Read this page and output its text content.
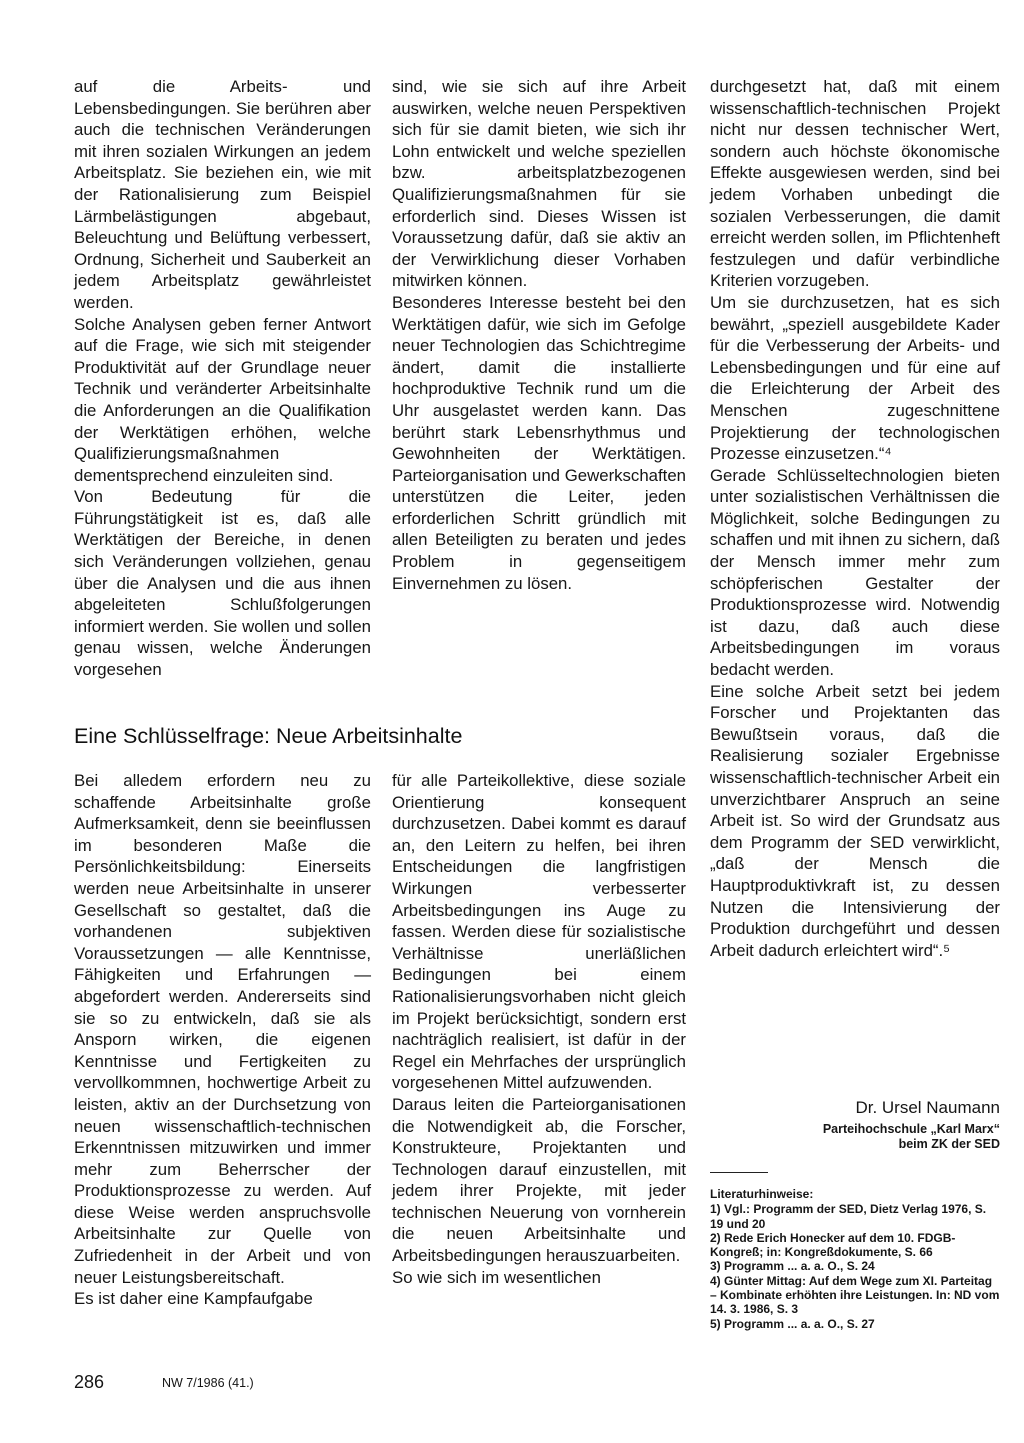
auf die Arbeits- und Lebensbedingungen. Sie berühren aber auch die technischen Veränderungen mit ihren sozialen Wirkungen an jedem Arbeitsplatz. Sie beziehen ein, wie mit der Rationalisierung zum Beispiel Lärmbelästigungen abgebaut, Beleuchtung und Belüftung verbessert, Ordnung, Sicherheit und Sauberkeit an jedem Arbeitsplatz gewährleistet werden.

Solche Analysen geben ferner Antwort auf die Frage, wie sich mit steigender Produktivität auf der Grundlage neuer Technik und veränderter Arbeitsinhalte die Anforderungen an die Qualifikation der Werktätigen erhöhen, welche Qualifizierungsmaßnahmen dementsprechend einzuleiten sind.

Von Bedeutung für die Führungstätigkeit ist es, daß alle Werktätigen der Bereiche, in denen sich Veränderungen vollziehen, genau über die Analysen und die aus ihnen abgeleiteten Schlußfolgerungen informiert werden. Sie wollen und sollen genau wissen, welche Änderungen vorgesehen

sind, wie sie sich auf ihre Arbeit auswirken, welche neuen Perspektiven sich für sie damit bieten, wie sich ihr Lohn entwickelt und welche speziellen bzw. arbeitsplatzbezogenen Qualifizierungsmaßnahmen für sie erforderlich sind. Dieses Wissen ist Voraussetzung dafür, daß sie aktiv an der Verwirklichung dieser Vorhaben mitwirken können.

Besonderes Interesse besteht bei den Werktätigen dafür, wie sich im Gefolge neuer Technologien das Schichtregime ändert, damit die installierte hochproduktive Technik rund um die Uhr ausgelastet werden kann. Das berührt stark Lebensrhythmus und Gewohnheiten der Werktätigen. Parteiorganisation und Gewerkschaften unterstützen die Leiter, jeden erforderlichen Schritt gründlich mit allen Beteiligten zu beraten und jedes Problem in gegenseitigem Einvernehmen zu lösen.

Eine Schlüsselfrage: Neue Arbeitsinhalte

Bei alledem erfordern neu zu schaffende Arbeitsinhalte große Aufmerksamkeit, denn sie beeinflussen im besonderen Maße die Persönlichkeitsbildung: Einerseits werden neue Arbeitsinhalte in unserer Gesellschaft so gestaltet, daß die vorhandenen subjektiven Voraussetzungen — alle Kenntnisse, Fähigkeiten und Erfahrungen — abgefordert werden. Andererseits sind sie so zu entwickeln, daß sie als Ansporn wirken, die eigenen Kenntnisse und Fertigkeiten zu vervollkommnen, hochwertige Arbeit zu leisten, aktiv an der Durchsetzung von neuen wissenschaftlich-technischen Erkenntnissen mitzuwirken und immer mehr zum Beherrscher der Produktionsprozesse zu werden. Auf diese Weise werden anspruchsvolle Arbeitsinhalte zur Quelle von Zufriedenheit in der Arbeit und von neuer Leistungsbereitschaft.

Es ist daher eine Kampfaufgabe

für alle Parteikollektive, diese soziale Orientierung konsequent durchzusetzen. Dabei kommt es darauf an, den Leitern zu helfen, bei ihren Entscheidungen die langfristigen Wirkungen verbesserter Arbeitsbedingungen ins Auge zu fassen. Werden diese für sozialistische Verhältnisse unerläßlichen Bedingungen bei einem Rationalisierungsvorhaben nicht gleich im Projekt berücksichtigt, sondern erst nachträglich realisiert, ist dafür in der Regel ein Mehrfaches der ursprünglich vorgesehenen Mittel aufzuwenden.

Daraus leiten die Parteiorganisationen die Notwendigkeit ab, die Forscher, Konstrukteure, Projektanten und Technologen darauf einzustellen, mit jedem ihrer Projekte, mit jeder technischen Neuerung von vornherein die neuen Arbeitsinhalte und Arbeitsbedingungen herauszuarbeiten.

So wie sich im wesentlichen

durchgesetzt hat, daß mit einem wissenschaftlich-technischen Projekt nicht nur dessen technischer Wert, sondern auch höchste ökonomische Effekte ausgewiesen werden, sind bei jedem Vorhaben unbedingt die sozialen Verbesserungen, die damit erreicht werden sollen, im Pflichtenheft festzulegen und dafür verbindliche Kriterien vorzugeben.

Um sie durchzusetzen, hat es sich bewährt, „speziell ausgebildete Kader für die Verbesserung der Arbeits- und Lebensbedingungen und für eine auf die Erleichterung der Arbeit des Menschen zugeschnittene Projektierung der technologischen Prozesse einzusetzen.“⁴

Gerade Schlüsseltechnologien bieten unter sozialistischen Verhältnissen die Möglichkeit, solche Bedingungen zu schaffen und mit ihnen zu sichern, daß der Mensch immer mehr zum schöpferischen Gestalter der Produktionsprozesse wird. Notwendig ist dazu, daß auch diese Arbeitsbedingungen im voraus bedacht werden.

Eine solche Arbeit setzt bei jedem Forscher und Projektanten das Bewußtsein voraus, daß die Realisierung sozialer Ergebnisse wissenschaftlich-technischer Arbeit ein unverzichtbarer Anspruch an seine Arbeit ist. So wird der Grundsatz aus dem Programm der SED verwirklicht, „daß der Mensch die Hauptproduktivkraft ist, zu dessen Nutzen die Intensivierung der Produktion durchgeführt und dessen Arbeit dadurch erleichtert wird“.⁵

Dr. Ursel Naumann
Parteihochschule „Karl Marx“
beim ZK der SED

Literaturhinweise:

1) Vgl.: Programm der SED, Dietz Verlag 1976, S. 19 und 20

2) Rede Erich Honecker auf dem 10. FDGB-Kongreß; in: Kongreßdokumente, S. 66

3) Programm ... a. a. O., S. 24

4) Günter Mittag: Auf dem Wege zum XI. Parteitag – Kombinate erhöhten ihre Leistungen. In: ND vom 14. 3. 1986, S. 3

5) Programm ... a. a. O., S. 27

286	NW 7/1986 (41.)
